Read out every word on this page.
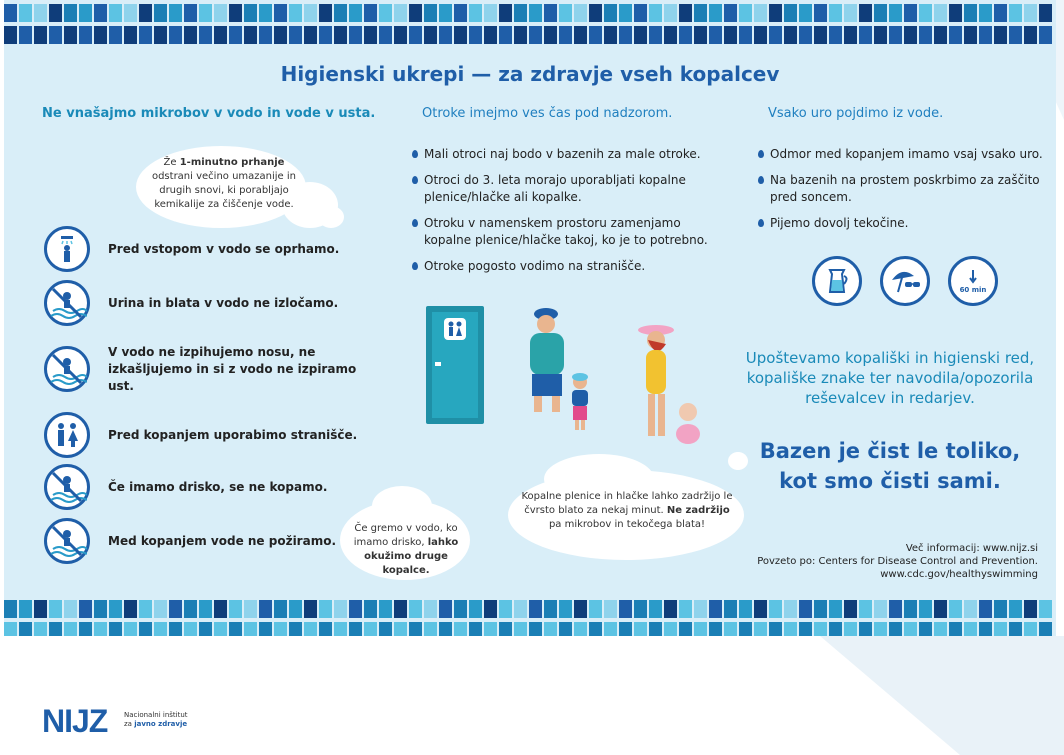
Higienski ukrepi — za zdravje vseh kopalcev
Ne vnašajmo mikrobov v vodo in vode v usta.	Otroke imejmo ves čas pod nadzorom.	Vsako uro pojdimo iz vode.
Že 1-minutno prhanje odstrani večino umazanije in drugih snovi, ki porabljajo kemikalije za čiščenje vode.
Pred vstopom v vodo se oprhamo.
Urina in blata v vodo ne izločamo.
V vodo ne izpihujemo nosu, ne izkašljujemo in si z vodo ne izpiramo ust.
Pred kopanjem uporabimo stranišče.
Če imamo drisko, se ne kopamo.
Med kopanjem vode ne požiramo.
Če gremo v vodo, ko imamo drisko, lahko okužimo druge kopalce.
Mali otroci naj bodo v bazenih za male otroke.
Otroci do 3. leta morajo uporabljati kopalne plenice/hlačke ali kopalke.
Otroku v namenskem prostoru zamenjamo kopalne plenice/hlačke takoj, ko je to potrebno.
Otroke pogosto vodimo na stranišče.
Kopalne plenice in hlačke lahko zadržijo le čvrsto blato za nekaj minut. Ne zadržijo pa mikrobov in tekočega blata!
Odmor med kopanjem imamo vsaj vsako uro.
Na bazenih na prostem poskrbimo za zaščito pred soncem.
Pijemo dovolj tekočine.
60 min
Upoštevamo kopališki in higienski red, kopališke znake ter navodila/opozorila reševalcev in redarjev.
Bazen je čist le toliko,
kot smo čisti sami.
Več informacij: www.nijz.si
Povzeto po: Centers for Disease Control and Prevention.
www.cdc.gov/healthyswimming
NIJZ Nacionalni inštitut
za javno zdravje
